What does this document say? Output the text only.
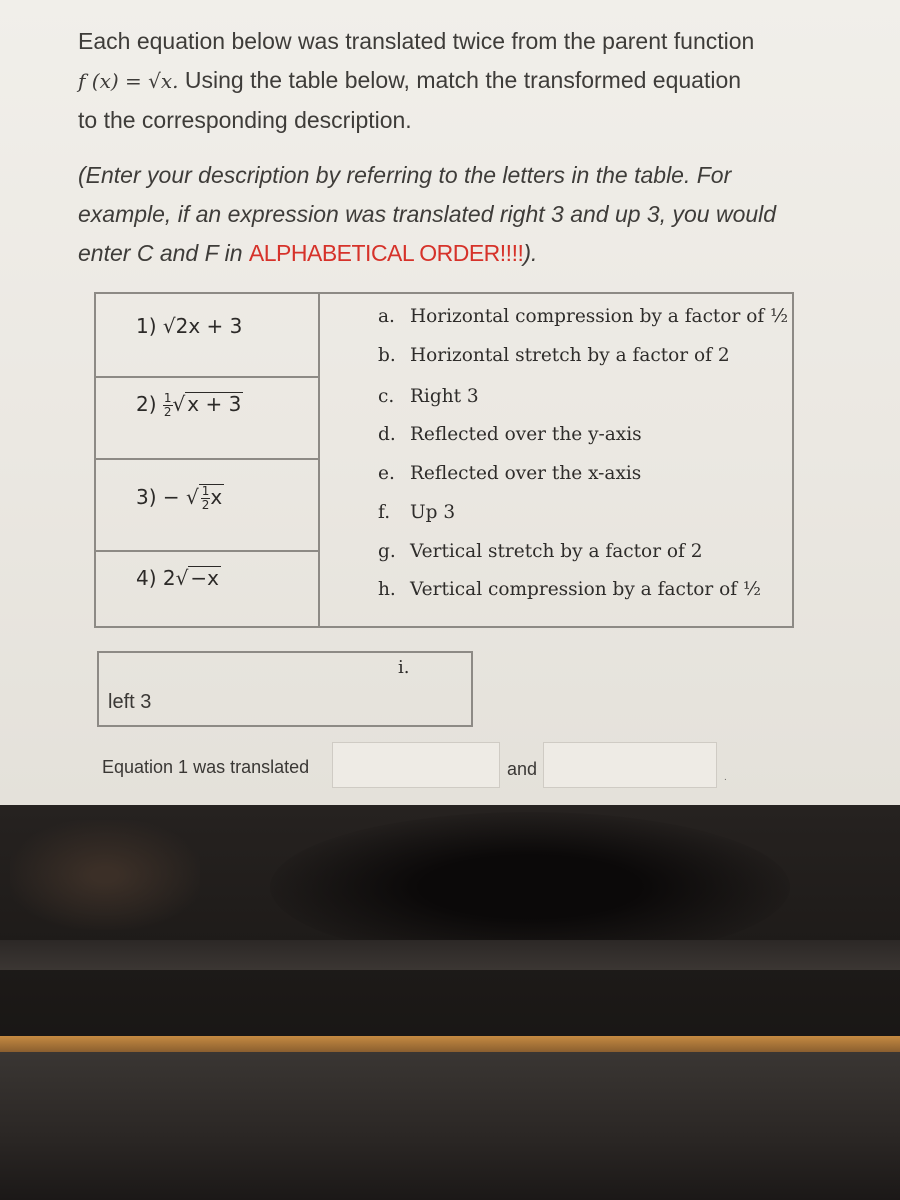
Each equation below was translated twice from the parent function

f (x) = √x. Using the table below, match the transformed equation

to the corresponding description.

(Enter your description by referring to the letters in the table. For

example, if an expression was translated right 3 and up 3, you would

enter C and F in ALPHABETICAL ORDER!!!!).

1) √2x + 3
$2) \frac{1}{2}$ √ x + 3
3) − √ $\frac{1}{2}$ x
4) 2√ −x
a. Horizontal compression by a factor of ½
b. Horizontal stretch by a factor of 2
c. Right 3
d. Reflected over the y-axis
e. Reflected over the x-axis
f. Up 3
g. Vertical stretch by a factor of 2
h. Vertical compression by a factor of ½
i.
left 3
Equation 1 was translated	and	.
